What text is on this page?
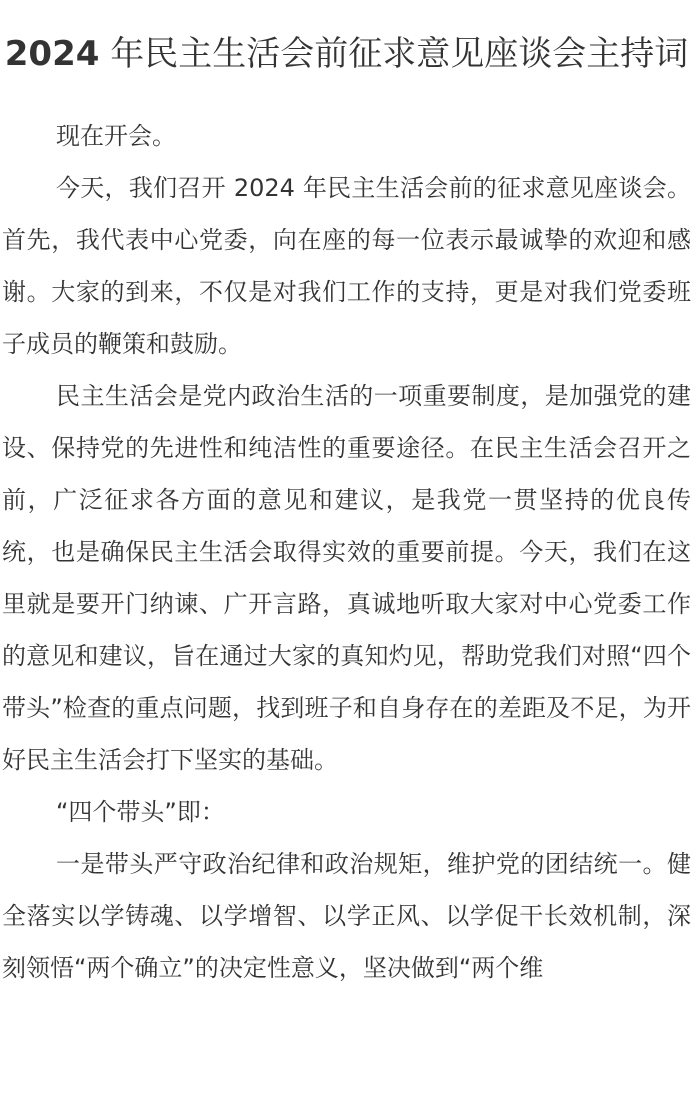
2024 年民主生活会前征求意见座谈会主持词

现在开会。

今天，我们召开 2024 年民主生活会前的征求意见座谈会。首先，我代表中心党委，向在座的每一位表示最诚挚的欢迎和感谢。大家的到来，不仅是对我们工作的支持，更是对我们党委班子成员的鞭策和鼓励。

民主生活会是党内政治生活的一项重要制度，是加强党的建设、保持党的先进性和纯洁性的重要途径。在民主生活会召开之前，广泛征求各方面的意见和建议，是我党一贯坚持的优良传统，也是确保民主生活会取得实效的重要前提。今天，我们在这里就是要开门纳谏、广开言路，真诚地听取大家对中心党委工作的意见和建议，旨在通过大家的真知灼见，帮助党我们对照“四个带头”检查的重点问题，找到班子和自身存在的差距及不足，为开好民主生活会打下坚实的基础。

“四个带头”即：

一是带头严守政治纪律和政治规矩，维护党的团结统一。健全落实以学铸魂、以学增智、以学正风、以学促干长效机制，深刻领悟“两个确立”的决定性意义，坚决做到“两个维
